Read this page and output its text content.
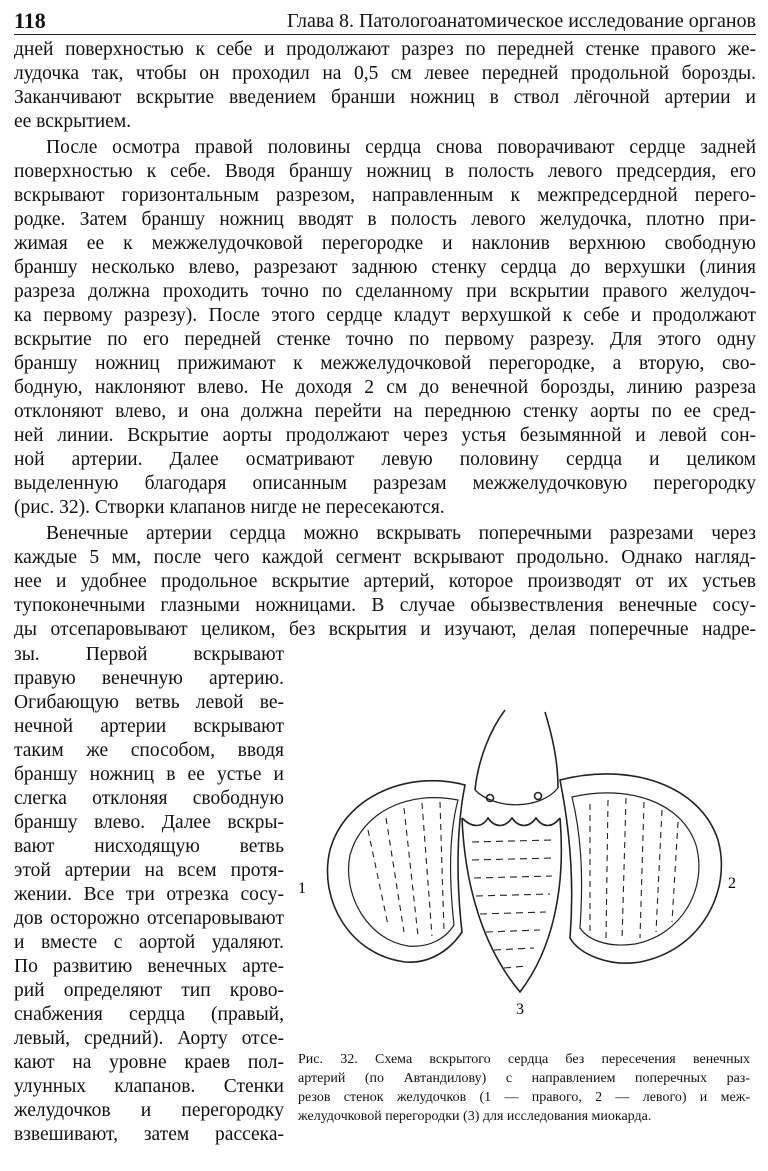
118	Глава 8. Патологоанатомическое исследование органов
дней поверхностью к себе и продолжают разрез по передней стенке правого же-
лудочка так, чтобы он проходил на 0,5 см левее передней продольной борозды.
Заканчивают вскрытие введением бранши ножниц в ствол лёгочной артерии и
ее вскрытием.
После осмотра правой половины сердца снова поворачивают сердце задней
поверхностью к себе. Вводя браншу ножниц в полость левого предсердия, его
вскрывают горизонтальным разрезом, направленным к межпредсердной перего-
родке. Затем браншу ножниц вводят в полость левого желудочка, плотно при-
жимая ее к межжелудочковой перегородке и наклонив верхнюю свободную
браншу несколько влево, разрезают заднюю стенку сердца до верхушки (линия
разреза должна проходить точно по сделанному при вскрытии правого желудоч-
ка первому разрезу). После этого сердце кладут верхушкой к себе и продолжают
вскрытие по его передней стенке точно по первому разрезу. Для этого одну
браншу ножниц прижимают к межжелудочковой перегородке, а вторую, сво-
бодную, наклоняют влево. Не доходя 2 см до венечной борозды, линию разреза
отклоняют влево, и она должна перейти на переднюю стенку аорты по ее сред-
ней линии. Вскрытие аорты продолжают через устья безымянной и левой сон-
ной артерии. Далее осматривают левую половину сердца и целиком
выделенную благодаря описанным разрезам межжелудочковую перегородку
(рис. 32). Створки клапанов нигде не пересекаются.
Венечные артерии сердца можно вскрывать поперечными разрезами через
каждые 5 мм, после чего каждой сегмент вскрывают продольно. Однако нагляд-
нее и удобнее продольное вскрытие артерий, которое производят от их устьев
тупоконечными глазными ножницами. В случае обызвествления венечные сосу-
ды отсепаровывают целиком, без вскрытия и изучают, делая поперечные надре-
зы. Первой вскрывают
правую венечную артерию.
Огибающую ветвь левой ве-
нечной артерии вскрывают
таким же способом, вводя
браншу ножниц в ее устье и
слегка отклоняя свободную
браншу влево. Далее вскры-
вают нисходящую ветвь
этой артерии на всем протя-
жении. Все три отрезка сосу-
дов осторожно отсепаровывают
и вместе с аортой удаляют.
По развитию венечных арте-
рий определяют тип крово-
снабжения сердца (правый,
левый, средний). Аорту отсе-
кают на уровне краев пол-
улунных клапанов. Стенки
желудочков и перегородку
взвешивают, затем рассека-
1	2
3
Рис. 32. Схема вскрытого сердца без пересечения венечных
артерий (по Автандилову) с направлением поперечных раз-
резов стенок желудочков (1 — правого, 2 — левого) и меж-
желудочковой перегородки (3) для исследования миокарда.
